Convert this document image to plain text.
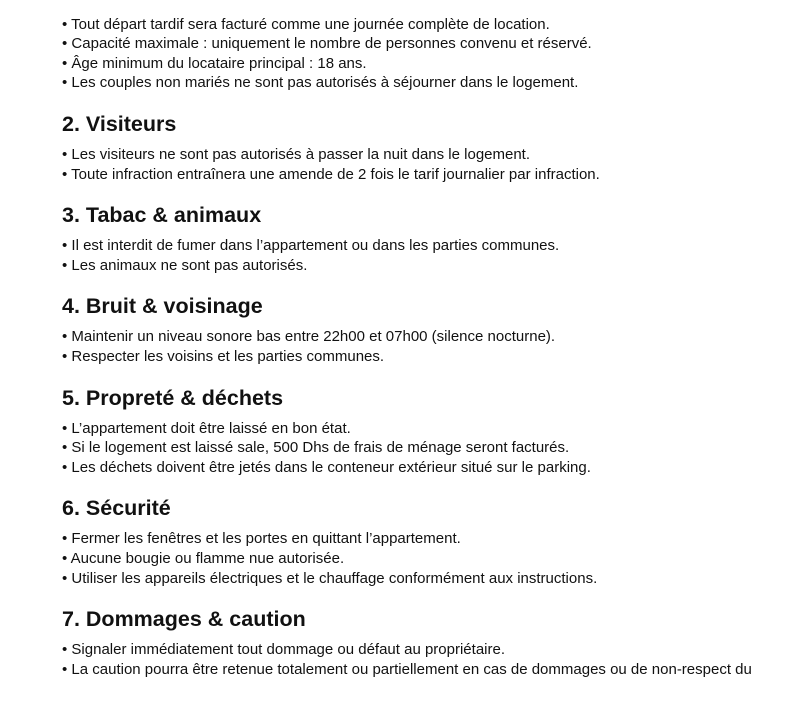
• Tout départ tardif sera facturé comme une journée complète de location.

• Capacité maximale : uniquement le nombre de personnes convenu et réservé.

• Âge minimum du locataire principal : 18 ans.

• Les couples non mariés ne sont pas autorisés à séjourner dans le logement.

2. Visiteurs

• Les visiteurs ne sont pas autorisés à passer la nuit dans le logement.

• Toute infraction entraînera une amende de 2 fois le tarif journalier par infraction.

3. Tabac & animaux

• Il est interdit de fumer dans l’appartement ou dans les parties communes.

• Les animaux ne sont pas autorisés.

4. Bruit & voisinage

• Maintenir un niveau sonore bas entre 22h00 et 07h00 (silence nocturne).

• Respecter les voisins et les parties communes.

5. Propreté & déchets

• L’appartement doit être laissé en bon état.

• Si le logement est laissé sale, 500 Dhs de frais de ménage seront facturés.

• Les déchets doivent être jetés dans le conteneur extérieur situé sur le parking.

6. Sécurité

• Fermer les fenêtres et les portes en quittant l’appartement.

• Aucune bougie ou flamme nue autorisée.

• Utiliser les appareils électriques et le chauffage conformément aux instructions.

7. Dommages & caution

• Signaler immédiatement tout dommage ou défaut au propriétaire.

• La caution pourra être retenue totalement ou partiellement en cas de dommages ou de non-respect du
